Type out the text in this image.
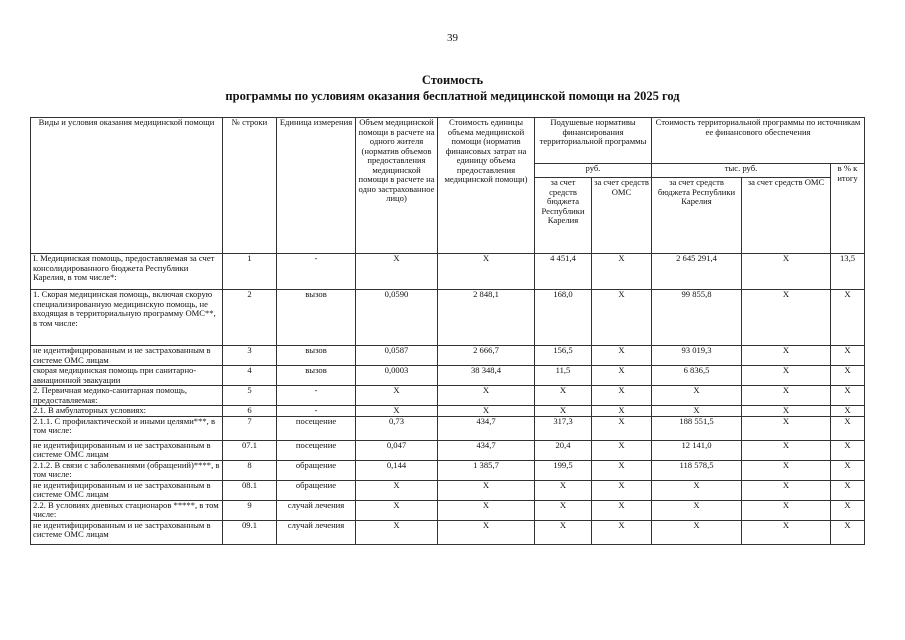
39
Стоимость
программы по условиям оказания бесплатной медицинской помощи на 2025 год
Виды и условия оказания медицинской помощи	№ строки	Единица измерения	Объем медицинской помощи в расчете на одного жителя (норматив объемов предоставления медицинской помощи в расчете на одно застрахованное лицо)	Стоимость единицы объема медицинской помощи (норматив финансовых затрат на единицу объема предоставления медицинской помощи)	Подушевые нормативы финансирования территориальной программы		Стоимость территориальной программы по источникам ее финансового обеспечения		
					руб.		тыс. руб.		в % к итогу
					за счет средств бюджета Республики Карелия	за счет средств ОМС	за счет средств бюджета Республики Карелия	за счет средств ОМС	
I. Медицинская помощь, предоставляемая за счет консолидированного бюджета Республики Карелия, в том числе*:	1	-	X	X	4 451,4	X	2 645 291,4	X	13,5
1. Скорая медицинская помощь, включая скорую специализированную медицинскую помощь, не входящая в территориальную программу ОМС**, в том числе:	2	вызов	0,0590	2 848,1	168,0	X	99 855,8	X	X
не идентифицированным и не застрахованным в системе ОМС лицам	3	вызов	0,0587	2 666,7	156,5	X	93 019,3	X	X
скорая медицинская помощь при санитарно-авиационной эвакуации	4	вызов	0,0003	38 348,4	11,5	X	6 836,5	X	X
2. Первичная медико-санитарная помощь, предоставляемая:	5	-	X	X	X	X	X	X	X
2.1. В амбулаторных условиях:	6	-	X	X	X	X	X	X	X
2.1.1. С профилактической и иными целями***, в том числе:	7	посещение	0,73	434,7	317,3	X	188 551,5	X	X
не идентифицированным и не застрахованным в системе ОМС лицам	07.1	посещение	0,047	434,7	20,4	X	12 141,0	X	X
2.1.2. В связи с заболеваниями (обращений)****, в том числе:	8	обращение	0,144	1 385,7	199,5	X	118 578,5	X	X
не идентифицированным и не застрахованным в системе ОМС лицам	08.1	обращение	X	X	X	X	X	X	X
2.2. В условиях дневных стационаров *****, в том числе:	9	случай лечения	X	X	X	X	X	X	X
не идентифицированным и не застрахованным в системе ОМС лицам	09.1	случай лечения	X	X	X	X	X	X	X
